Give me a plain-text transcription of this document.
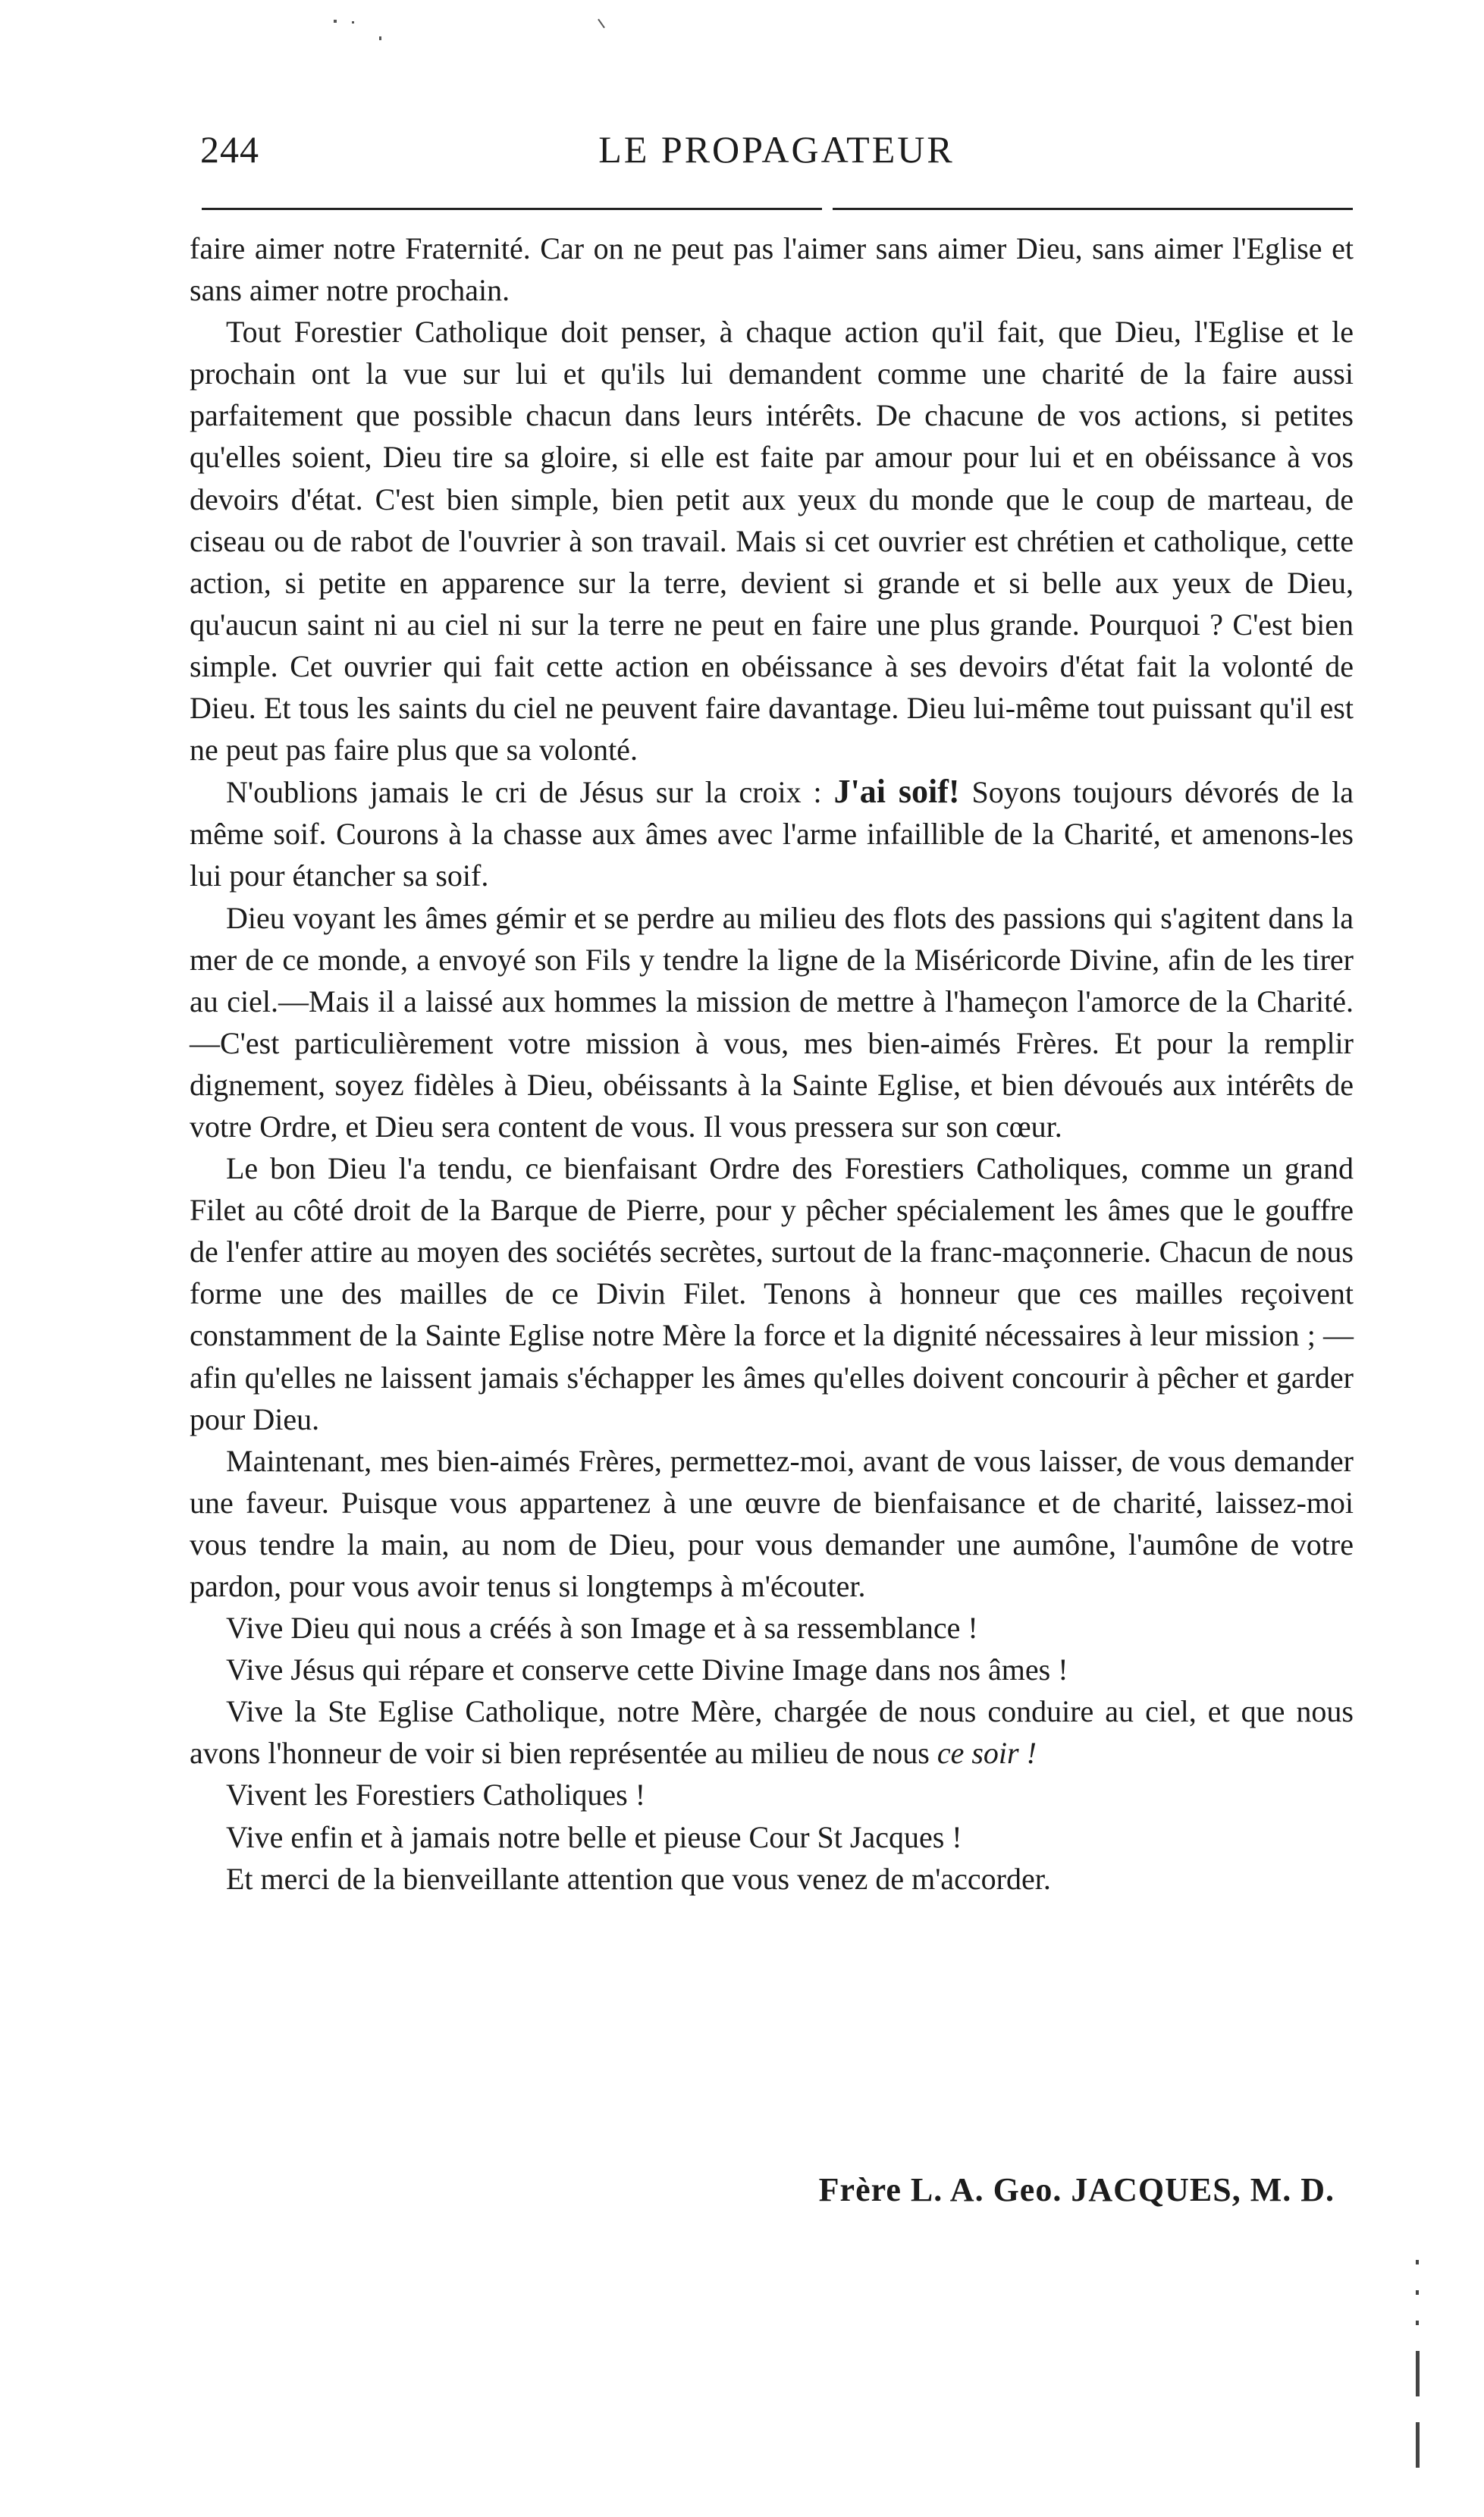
244	LE PROPAGATEUR

faire aimer notre Fraternité. Car on ne peut pas l'aimer sans aimer Dieu, sans aimer l'Eglise et sans aimer notre prochain.

Tout Forestier Catholique doit penser, à chaque action qu'il fait, que Dieu, l'Eglise et le prochain ont la vue sur lui et qu'ils lui demandent comme une charité de la faire aussi parfaitement que possible chacun dans leurs intérêts. De chacune de vos actions, si petites qu'elles soient, Dieu tire sa gloire, si elle est faite par amour pour lui et en obéissance à vos devoirs d'état. C'est bien simple, bien petit aux yeux du monde que le coup de marteau, de ciseau ou de rabot de l'ouvrier à son travail. Mais si cet ouvrier est chrétien et catholique, cette action, si petite en apparence sur la terre, devient si grande et si belle aux yeux de Dieu, qu'aucun saint ni au ciel ni sur la terre ne peut en faire une plus grande. Pourquoi ? C'est bien simple. Cet ouvrier qui fait cette action en obéissance à ses devoirs d'état fait la volonté de Dieu. Et tous les saints du ciel ne peuvent faire davantage. Dieu lui-même tout puissant qu'il est ne peut pas faire plus que sa volonté.

N'oublions jamais le cri de Jésus sur la croix : J'ai soif! Soyons toujours dévorés de la même soif. Courons à la chasse aux âmes avec l'arme infaillible de la Charité, et amenons-les lui pour étancher sa soif.

Dieu voyant les âmes gémir et se perdre au milieu des flots des passions qui s'agitent dans la mer de ce monde, a envoyé son Fils y tendre la ligne de la Miséricorde Divine, afin de les tirer au ciel.—Mais il a laissé aux hommes la mission de mettre à l'hameçon l'amorce de la Charité.—C'est particulièrement votre mission à vous, mes bien-aimés Frères. Et pour la remplir dignement, soyez fidèles à Dieu, obéissants à la Sainte Eglise, et bien dévoués aux intérêts de votre Ordre, et Dieu sera content de vous. Il vous pressera sur son cœur.

Le bon Dieu l'a tendu, ce bienfaisant Ordre des Forestiers Catholiques, comme un grand Filet au côté droit de la Barque de Pierre, pour y pêcher spécialement les âmes que le gouffre de l'enfer attire au moyen des sociétés secrètes, surtout de la franc-maçonnerie. Chacun de nous forme une des mailles de ce Divin Filet. Tenons à honneur que ces mailles reçoivent constamment de la Sainte Eglise notre Mère la force et la dignité nécessaires à leur mission ; — afin qu'elles ne laissent jamais s'échapper les âmes qu'elles doivent concourir à pêcher et garder pour Dieu.

Maintenant, mes bien-aimés Frères, permettez-moi, avant de vous laisser, de vous demander une faveur. Puisque vous appartenez à une œuvre de bienfaisance et de charité, laissez-moi vous tendre la main, au nom de Dieu, pour vous demander une aumône, l'aumône de votre pardon, pour vous avoir tenus si longtemps à m'écouter.

Vive Dieu qui nous a créés à son Image et à sa ressemblance !

Vive Jésus qui répare et conserve cette Divine Image dans nos âmes !

Vive la Ste Eglise Catholique, notre Mère, chargée de nous conduire au ciel, et que nous avons l'honneur de voir si bien représentée au milieu de nous ce soir !

Vivent les Forestiers Catholiques !

Vive enfin et à jamais notre belle et pieuse Cour St Jacques !

Et merci de la bienveillante attention que vous venez de m'accorder.

Frère L. A. Geo. JACQUES, M. D.
